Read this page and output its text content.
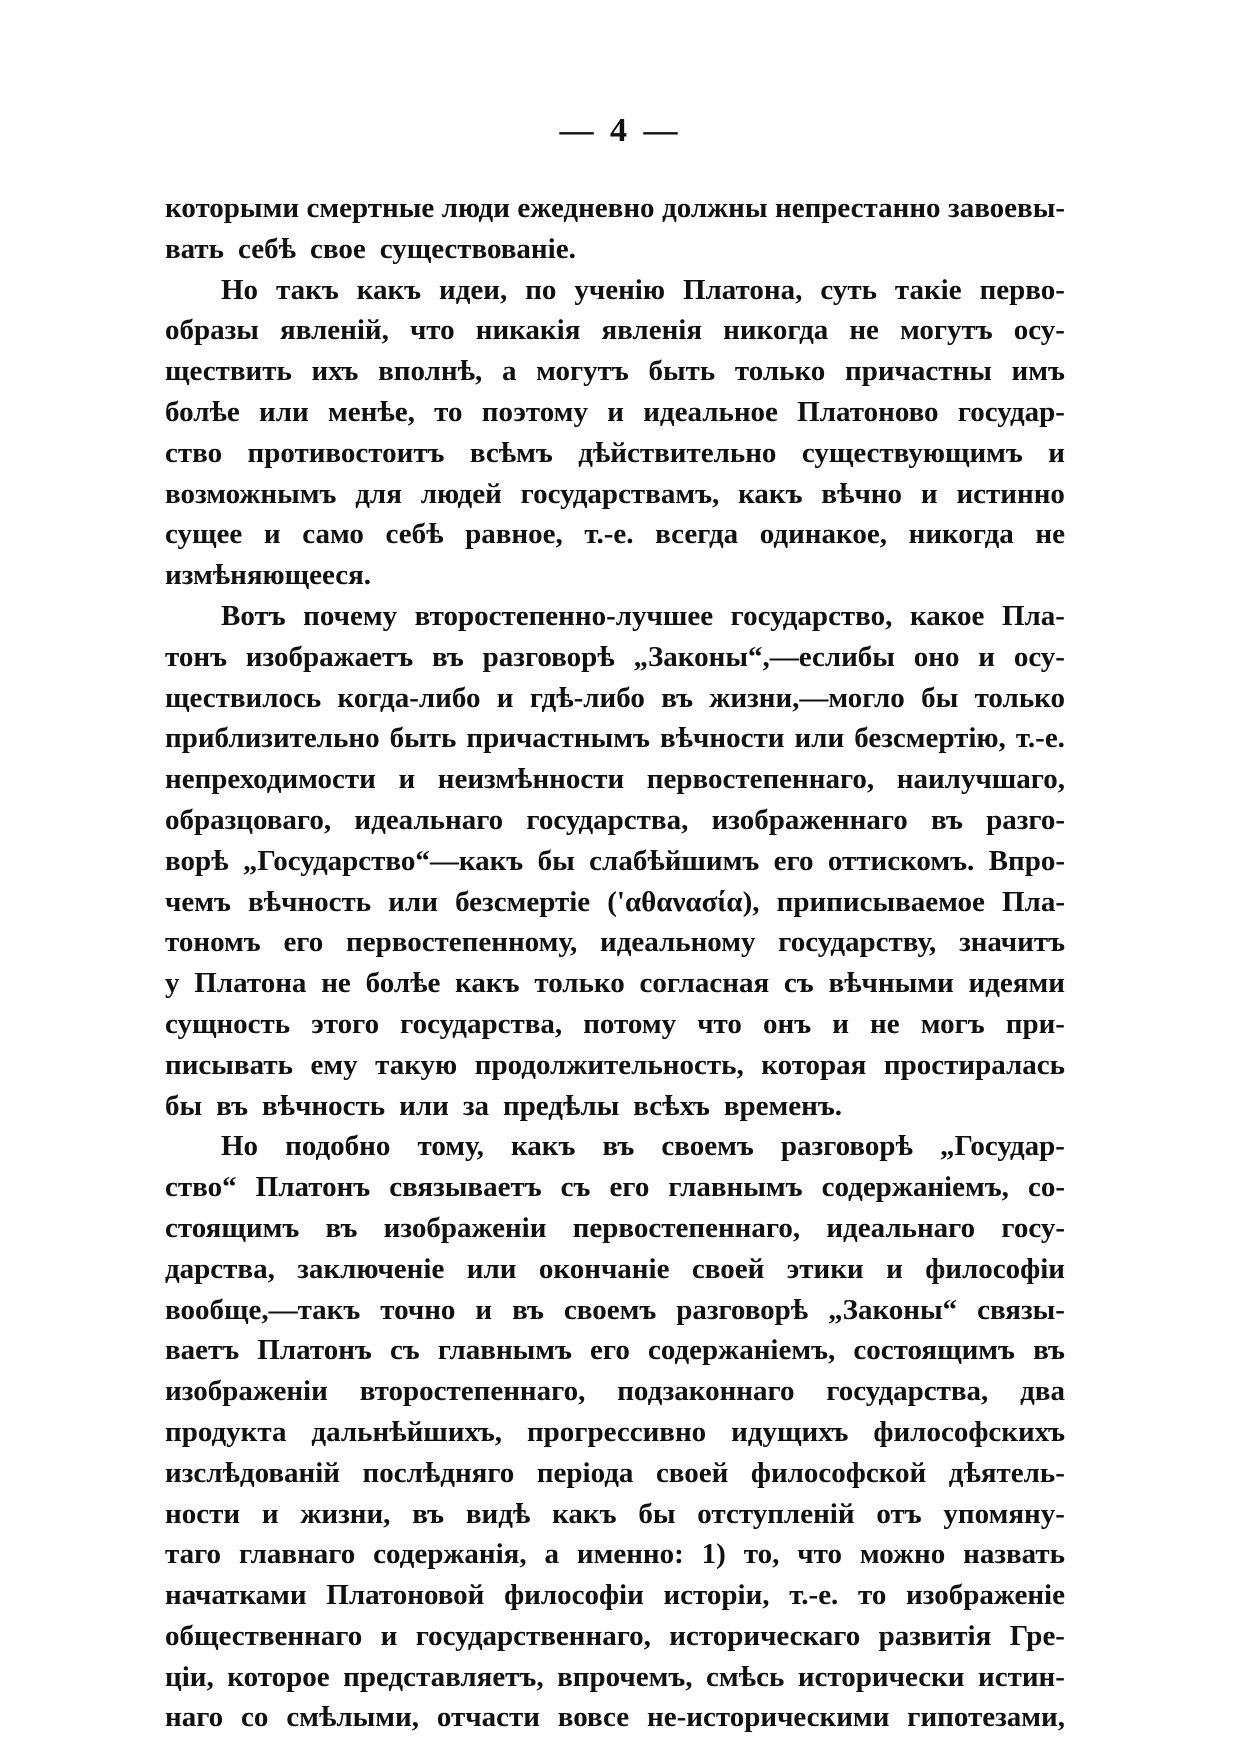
— 4 —
которыми смертные люди ежедневно должны непрестанно завоевы-
вать себѣ свое существованіе.
Но такъ какъ идеи, по ученію Платона, суть такіе перво-
образы явленій, что никакія явленія никогда не могутъ осу-
ществить ихъ вполнѣ, а могутъ быть только причастны имъ
болѣе или менѣе, то поэтому и идеальное Платоново государ-
ство противостоитъ всѣмъ дѣйствительно существующимъ и
возможнымъ для людей государствамъ, какъ вѣчно и истинно
сущее и само себѣ равное, т.-е. всегда одинакое, никогда не
измѣняющееся.
Вотъ почему второстепенно-лучшее государство, какое Пла-
тонъ изображаетъ въ разговорѣ „Законы“,—еслибы оно и осу-
ществилось когда-либо и гдѣ-либо въ жизни,—могло бы только
приблизительно быть причастнымъ вѣчности или безсмертію, т.-е.
непреходимости и неизмѣнности первостепеннаго, наилучшаго,
образцоваго, идеальнаго государства, изображеннаго въ разго-
ворѣ „Государство“—какъ бы слабѣйшимъ его оттискомъ. Впро-
чемъ вѣчность или безсмертіе ('αθανασία), приписываемое Пла-
тономъ его первостепенному, идеальному государству, значитъ
у Платона не болѣе какъ только согласная съ вѣчными идеями
сущность этого государства, потому что онъ и не могъ при-
писывать ему такую продолжительность, которая простиралась
бы въ вѣчность или за предѣлы всѣхъ временъ.
Но подобно тому, какъ въ своемъ разговорѣ „Государ-
ство“ Платонъ связываетъ съ его главнымъ содержаніемъ, со-
стоящимъ въ изображеніи первостепеннаго, идеальнаго госу-
дарства, заключеніе или окончаніе своей этики и философіи
вообще,—такъ точно и въ своемъ разговорѣ „Законы“ связы-
ваетъ Платонъ съ главнымъ его содержаніемъ, состоящимъ въ
изображеніи второстепеннаго, подзаконнаго государства, два
продукта дальнѣйшихъ, прогрессивно идущихъ философскихъ
изслѣдованій послѣдняго періода своей философской дѣятель-
ности и жизни, въ видѣ какъ бы отступленій отъ упомяну-
таго главнаго содержанія, а именно: 1) то, что можно назвать
начатками Платоновой философіи исторіи, т.-е. то изображеніе
общественнаго и государственнаго, историческаго развитія Гре-
ціи, которое представляетъ, впрочемъ, смѣсь исторически истин-
наго со смѣлыми, отчасти вовсе не-историческими гипотезами,
